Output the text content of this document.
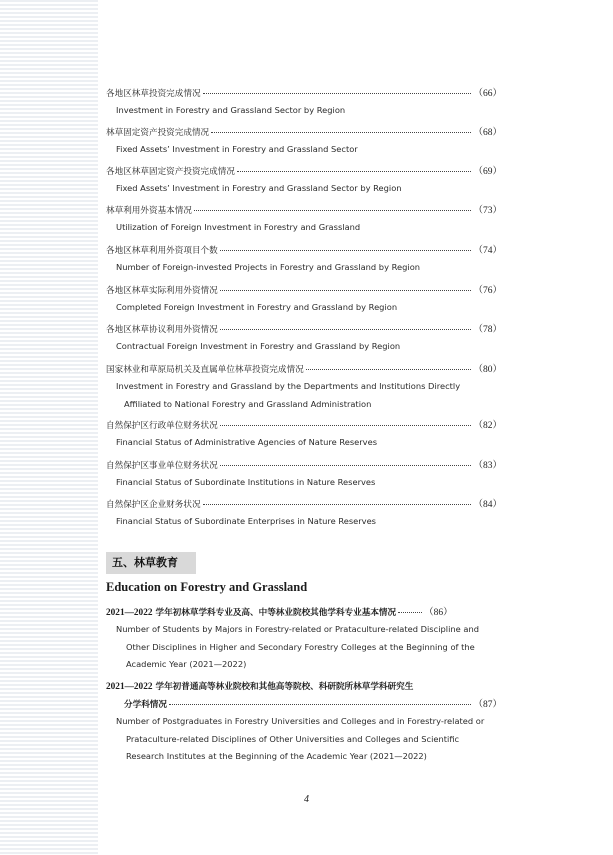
各地区林草投资完成情况	（66）
Investment in Forestry and Grassland Sector by Region
林草固定资产投资完成情况	（68）
Fixed Assets’ Investment in Forestry and Grassland Sector
各地区林草固定资产投资完成情况	（69）
Fixed Assets’ Investment in Forestry and Grassland Sector by Region
林草利用外资基本情况	（73）
Utilization of Foreign Investment in Forestry and Grassland
各地区林草利用外资项目个数	（74）
Number of Foreign-invested Projects in Forestry and Grassland by Region
各地区林草实际利用外资情况	（76）
Completed Foreign Investment in Forestry and Grassland by Region
各地区林草协议利用外资情况	（78）
Contractual Foreign Investment in Forestry and Grassland by Region
国家林业和草原局机关及直属单位林草投资完成情况	（80）
Investment in Forestry and Grassland by the Departments and Institutions Directly
Affiliated to National Forestry and Grassland Administration
自然保护区行政单位财务状况	（82）
Financial Status of Administrative Agencies of Nature Reserves
自然保护区事业单位财务状况	（83）
Financial Status of Subordinate Institutions in Nature Reserves
自然保护区企业财务状况	（84）
Financial Status of Subordinate Enterprises in Nature Reserves
2021—2022 学年初林草学科专业及高、中等林业院校其他学科专业基本情况	（86）
Number of Students by Majors in Forestry-related or Prataculture-related Discipline and
Other Disciplines in Higher and Secondary Forestry Colleges at the Beginning of the
Academic Year (2021—2022)
2021—2022 学年初普通高等林业院校和其他高等院校、科研院所林草学科研究生
分学科情况	（87）
Number of Postgraduates in Forestry Universities and Colleges and in Forestry-related or
Prataculture-related Disciplines of Other Universities and Colleges and Scientific
Research Institutes at the Beginning of the Academic Year (2021—2022)
五、林草教育
Education on Forestry and Grassland
4
